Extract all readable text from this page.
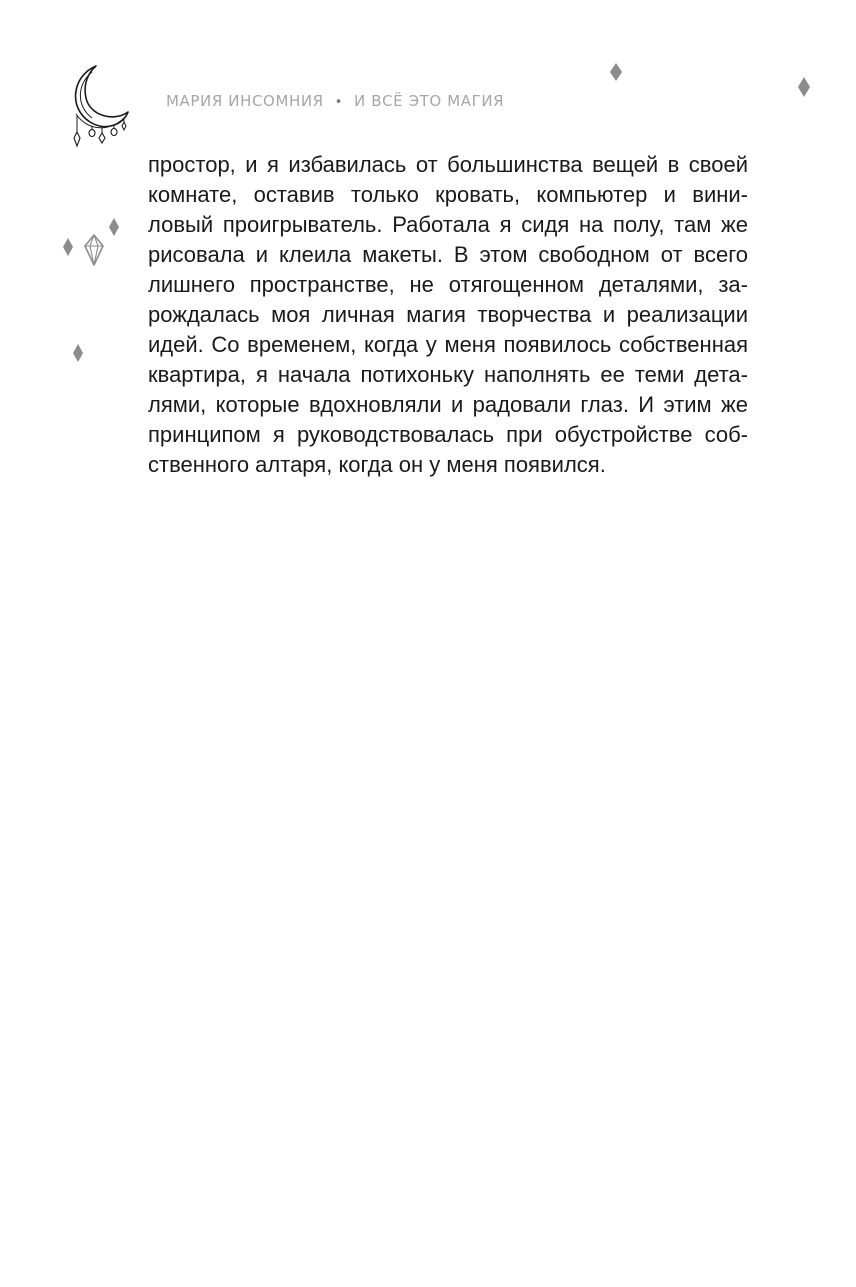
МАРИЯ ИНСОМНИЯ • И ВСЁ ЭТО МАГИЯ
простор, и я избавилась от большинства вещей в своей
комнате, оставив только кровать, компьютер и вини-
ловый проигрыватель. Работала я сидя на полу, там же
рисовала и клеила макеты. В этом свободном от всего
лишнего пространстве, не отягощенном деталями, за-
рождалась моя личная магия творчества и реализации
идей. Со временем, когда у меня появилось собственная
квартира, я начала потихоньку наполнять ее теми дета-
лями, которые вдохновляли и радовали глаз. И этим же
принципом я руководствовалась при обустройстве соб-
ственного алтаря, когда он у меня появился.
